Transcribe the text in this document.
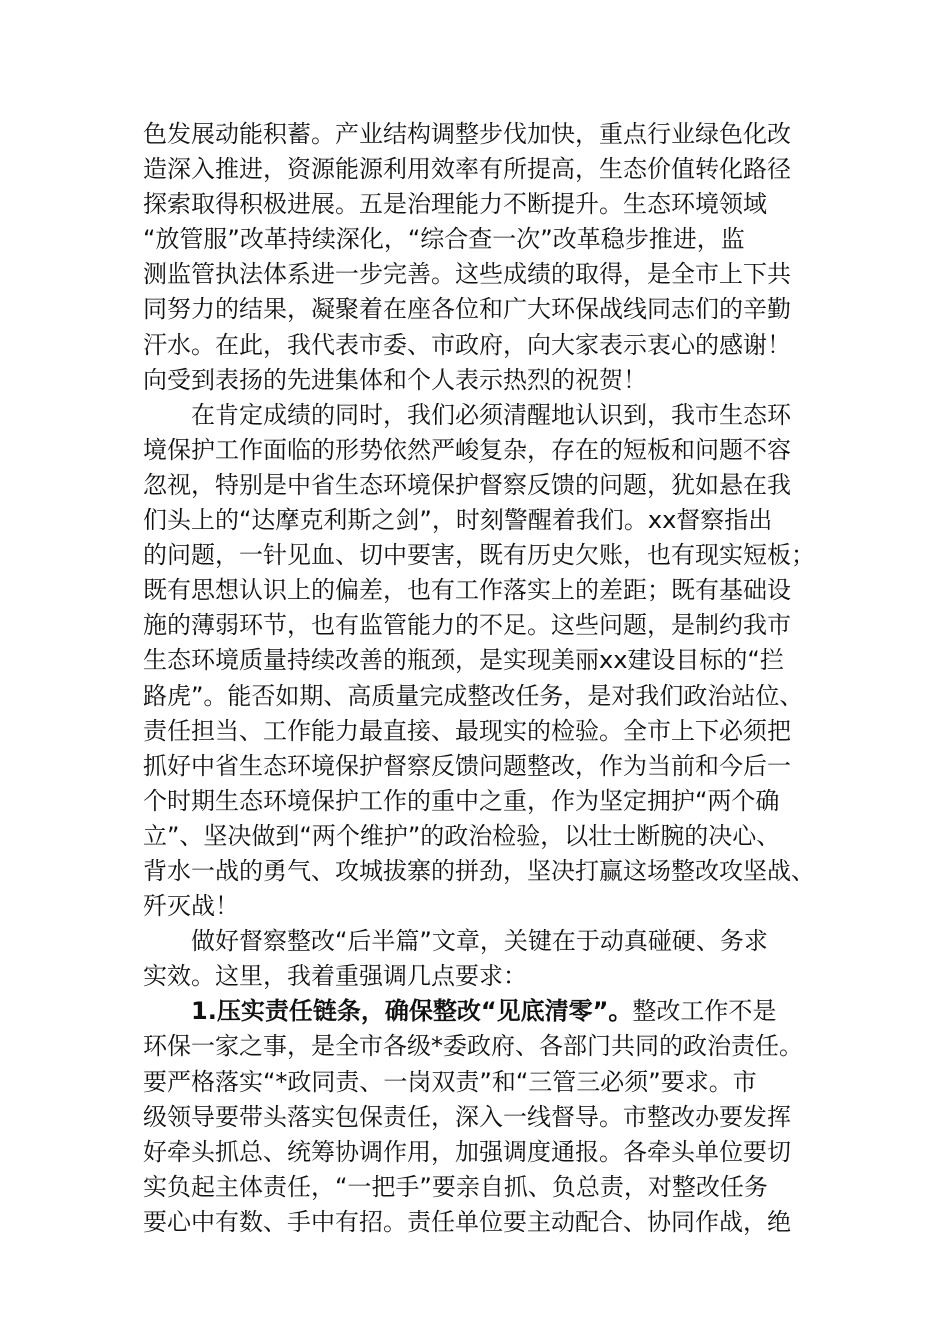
色发展动能积蓄。产业结构调整步伐加快，重点行业绿色化改

造深入推进，资源能源利用效率有所提高，生态价值转化路径

探索取得积极进展。五是治理能力不断提升。生态环境领域

“放管服”改革持续深化，“综合查一次”改革稳步推进，监

测监管执法体系进一步完善。这些成绩的取得，是全市上下共

同努力的结果，凝聚着在座各位和广大环保战线同志们的辛勤

汗水。在此，我代表市委、市政府，向大家表示衷心的感谢！

向受到表扬的先进集体和个人表示热烈的祝贺！

在肯定成绩的同时，我们必须清醒地认识到，我市生态环

境保护工作面临的形势依然严峻复杂，存在的短板和问题不容

忽视，特别是中省生态环境保护督察反馈的问题，犹如悬在我

们头上的“达摩克利斯之剑”，时刻警醒着我们。xx督察指出

的问题，一针见血、切中要害，既有历史欠账，也有现实短板；

既有思想认识上的偏差，也有工作落实上的差距；既有基础设

施的薄弱环节，也有监管能力的不足。这些问题，是制约我市

生态环境质量持续改善的瓶颈，是实现美丽xx建设目标的“拦

路虎”。能否如期、高质量完成整改任务，是对我们政治站位、

责任担当、工作能力最直接、最现实的检验。全市上下必须把

抓好中省生态环境保护督察反馈问题整改，作为当前和今后一

个时期生态环境保护工作的重中之重，作为坚定拥护“两个确

立”、坚决做到“两个维护”的政治检验，以壮士断腕的决心、

背水一战的勇气、攻城拔寨的拼劲，坚决打赢这场整改攻坚战、

歼灭战！

做好督察整改“后半篇”文章，关键在于动真碰硬、务求

实效。这里，我着重强调几点要求：

1.压实责任链条，确保整改“见底清零”。整改工作不是

环保一家之事，是全市各级*委政府、各部门共同的政治责任。

要严格落实“*政同责、一岗双责”和“三管三必须”要求。市

级领导要带头落实包保责任，深入一线督导。市整改办要发挥

好牵头抓总、统筹协调作用，加强调度通报。各牵头单位要切

实负起主体责任，“一把手”要亲自抓、负总责，对整改任务

要心中有数、手中有招。责任单位要主动配合、协同作战，绝
